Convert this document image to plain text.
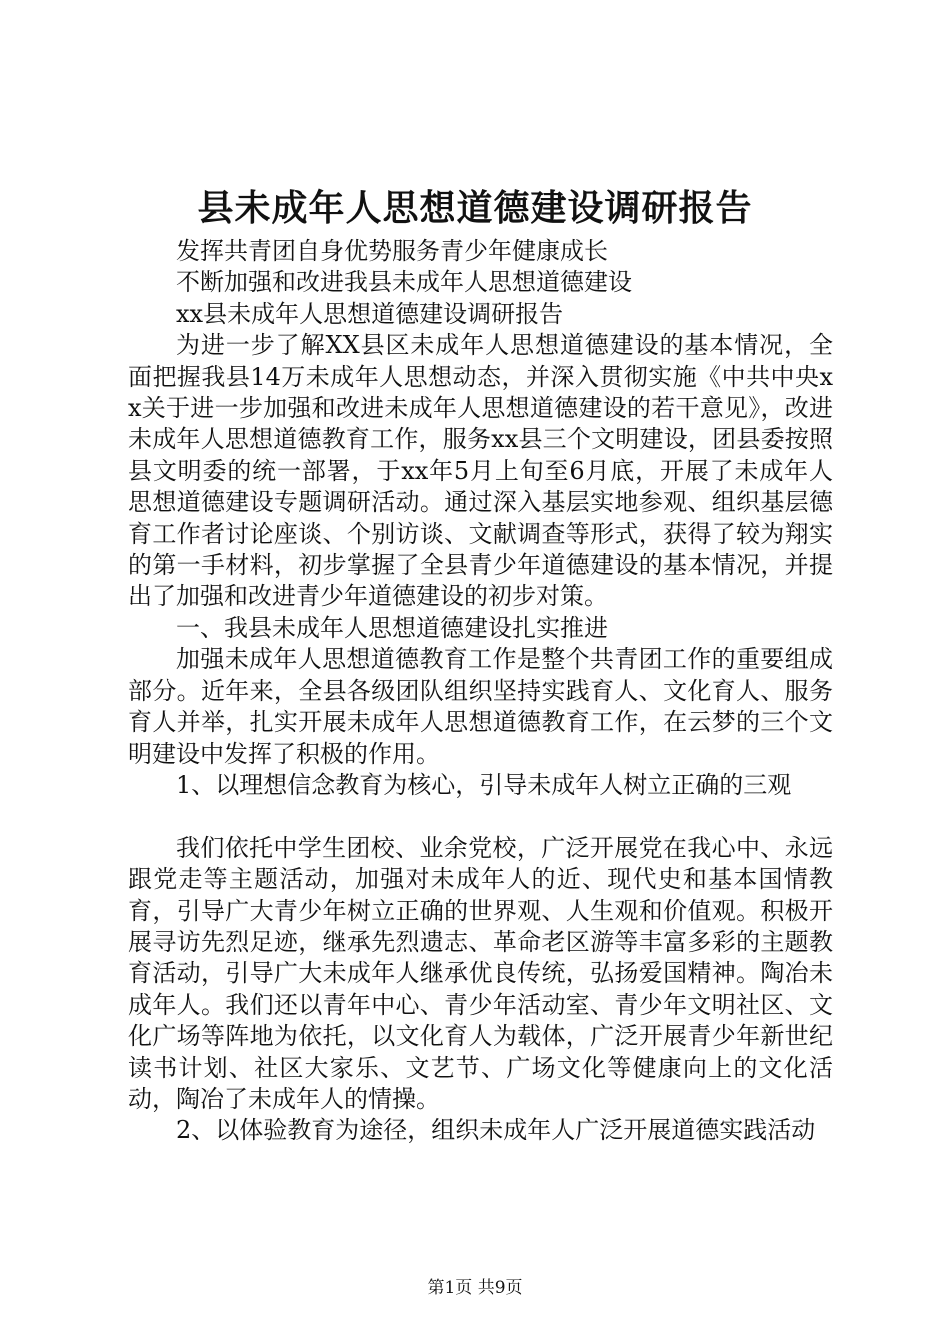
县未成年人思想道德建设调研报告

发挥共青团自身优势服务青少年健康成长

不断加强和改进我县未成年人思想道德建设

xx县未成年人思想道德建设调研报告

为进一步了解XX县区未成年人思想道德建设的基本情况，全面把握我县14万未成年人思想动态，并深入贯彻实施《中共中央xx关于进一步加强和改进未成年人思想道德建设的若干意见》，改进未成年人思想道德教育工作，服务xx县三个文明建设，团县委按照县文明委的统一部署，于xx年5月上旬至6月底，开展了未成年人思想道德建设专题调研活动。通过深入基层实地参观、组织基层德育工作者讨论座谈、个别访谈、文献调查等形式，获得了较为翔实的第一手材料，初步掌握了全县青少年道德建设的基本情况，并提出了加强和改进青少年道德建设的初步对策。

一、我县未成年人思想道德建设扎实推进

加强未成年人思想道德教育工作是整个共青团工作的重要组成部分。近年来，全县各级团队组织坚持实践育人、文化育人、服务育人并举，扎实开展未成年人思想道德教育工作，在云梦的三个文明建设中发挥了积极的作用。

1、以理想信念教育为核心，引导未成年人树立正确的三观

我们依托中学生团校、业余党校，广泛开展党在我心中、永远跟党走等主题活动，加强对未成年人的近、现代史和基本国情教育，引导广大青少年树立正确的世界观、人生观和价值观。积极开展寻访先烈足迹，继承先烈遗志、革命老区游等丰富多彩的主题教育活动，引导广大未成年人继承优良传统，弘扬爱国精神。陶冶未成年人。我们还以青年中心、青少年活动室、青少年文明社区、文化广场等阵地为依托，以文化育人为载体，广泛开展青少年新世纪读书计划、社区大家乐、文艺节、广场文化等健康向上的文化活动，陶冶了未成年人的情操。

2、以体验教育为途径，组织未成年人广泛开展道德实践活动

第1页 共9页
